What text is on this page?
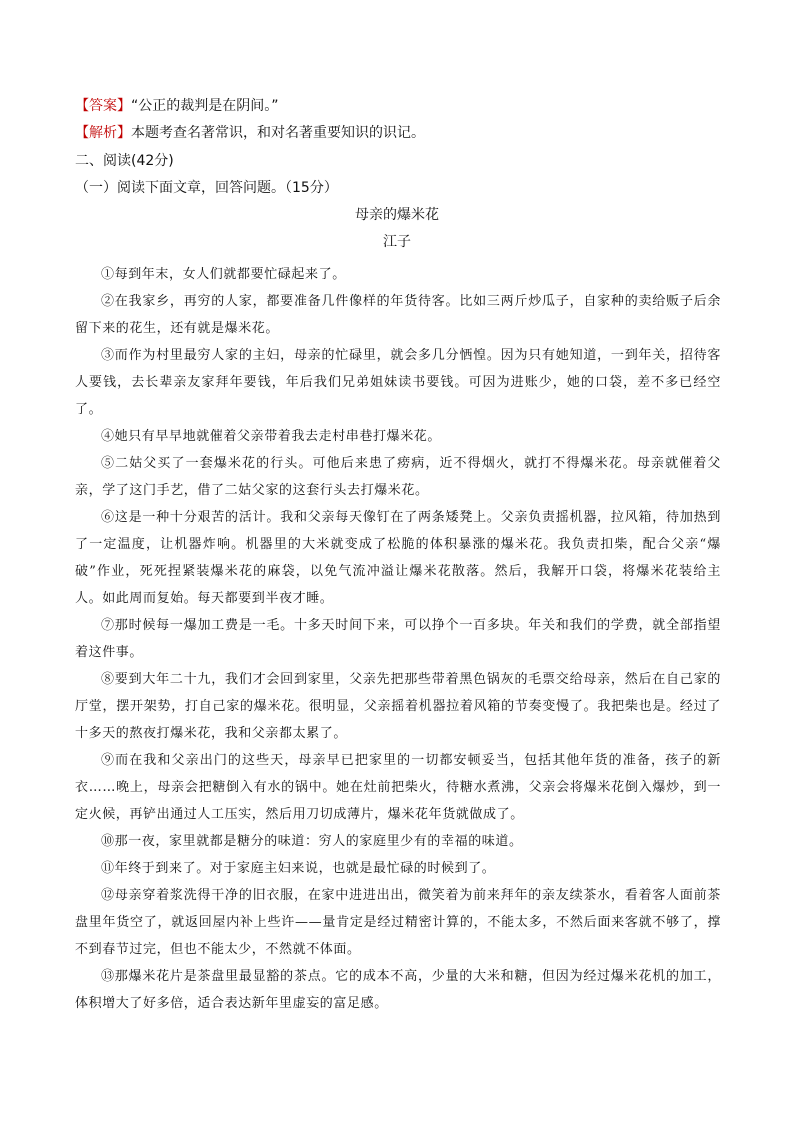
【答案】“公正的裁判是在阴间。”
【解析】本题考查名著常识，和对名著重要知识的识记。
二、阅读(42分)
（一）阅读下面文章，回答问题。（15分）
母亲的爆米花
江子

①每到年末，女人们就都要忙碌起来了。

②在我家乡，再穷的人家，都要准备几件像样的年货待客。比如三两斤炒瓜子，自家种的卖给贩子后余留下来的花生，还有就是爆米花。

③而作为村里最穷人家的主妇，母亲的忙碌里，就会多几分恓惶。因为只有她知道，一到年关，招待客人要钱，去长辈亲友家拜年要钱，年后我们兄弟姐妹读书要钱。可因为进账少，她的口袋，差不多已经空了。

④她只有早早地就催着父亲带着我去走村串巷打爆米花。

⑤二姑父买了一套爆米花的行头。可他后来患了痨病，近不得烟火，就打不得爆米花。母亲就催着父亲，学了这门手艺，借了二姑父家的这套行头去打爆米花。

⑥这是一种十分艰苦的活计。我和父亲每天像钉在了两条矮凳上。父亲负责摇机器，拉风箱，待加热到了一定温度，让机器炸响。机器里的大米就变成了松脆的体积暴涨的爆米花。我负责扣柴，配合父亲“爆破”作业，死死捏紧装爆米花的麻袋，以免气流冲溢让爆米花散落。然后，我解开口袋，将爆米花装给主人。如此周而复始。每天都要到半夜才睡。

⑦那时候每一爆加工费是一毛。十多天时间下来，可以挣个一百多块。年关和我们的学费，就全部指望着这件事。

⑧要到大年二十九，我们才会回到家里，父亲先把那些带着黑色锅灰的毛票交给母亲，然后在自己家的厅堂，摆开架势，打自己家的爆米花。很明显，父亲摇着机器拉着风箱的节奏变慢了。我把柴也是。经过了十多天的熬夜打爆米花，我和父亲都太累了。

⑨而在我和父亲出门的这些天，母亲早已把家里的一切都安顿妥当，包括其他年货的准备，孩子的新衣……晚上，母亲会把糖倒入有水的锅中。她在灶前把柴火，待糖水煮沸，父亲会将爆米花倒入爆炒，到一定火候，再铲出通过人工压实，然后用刀切成薄片，爆米花年货就做成了。

⑩那一夜，家里就都是糖分的味道：穷人的家庭里少有的幸福的味道。

⑪年终于到来了。对于家庭主妇来说，也就是最忙碌的时候到了。

⑫母亲穿着浆洗得干净的旧衣服，在家中进进出出，微笑着为前来拜年的亲友续茶水，看着客人面前茶盘里年货空了，就返回屋内补上些许——量肯定是经过精密计算的，不能太多，不然后面来客就不够了，撑不到春节过完，但也不能太少，不然就不体面。

⑬那爆米花片是茶盘里最显豁的茶点。它的成本不高，少量的大米和糖，但因为经过爆米花机的加工，体积增大了好多倍，适合表达新年里虚妄的富足感。
